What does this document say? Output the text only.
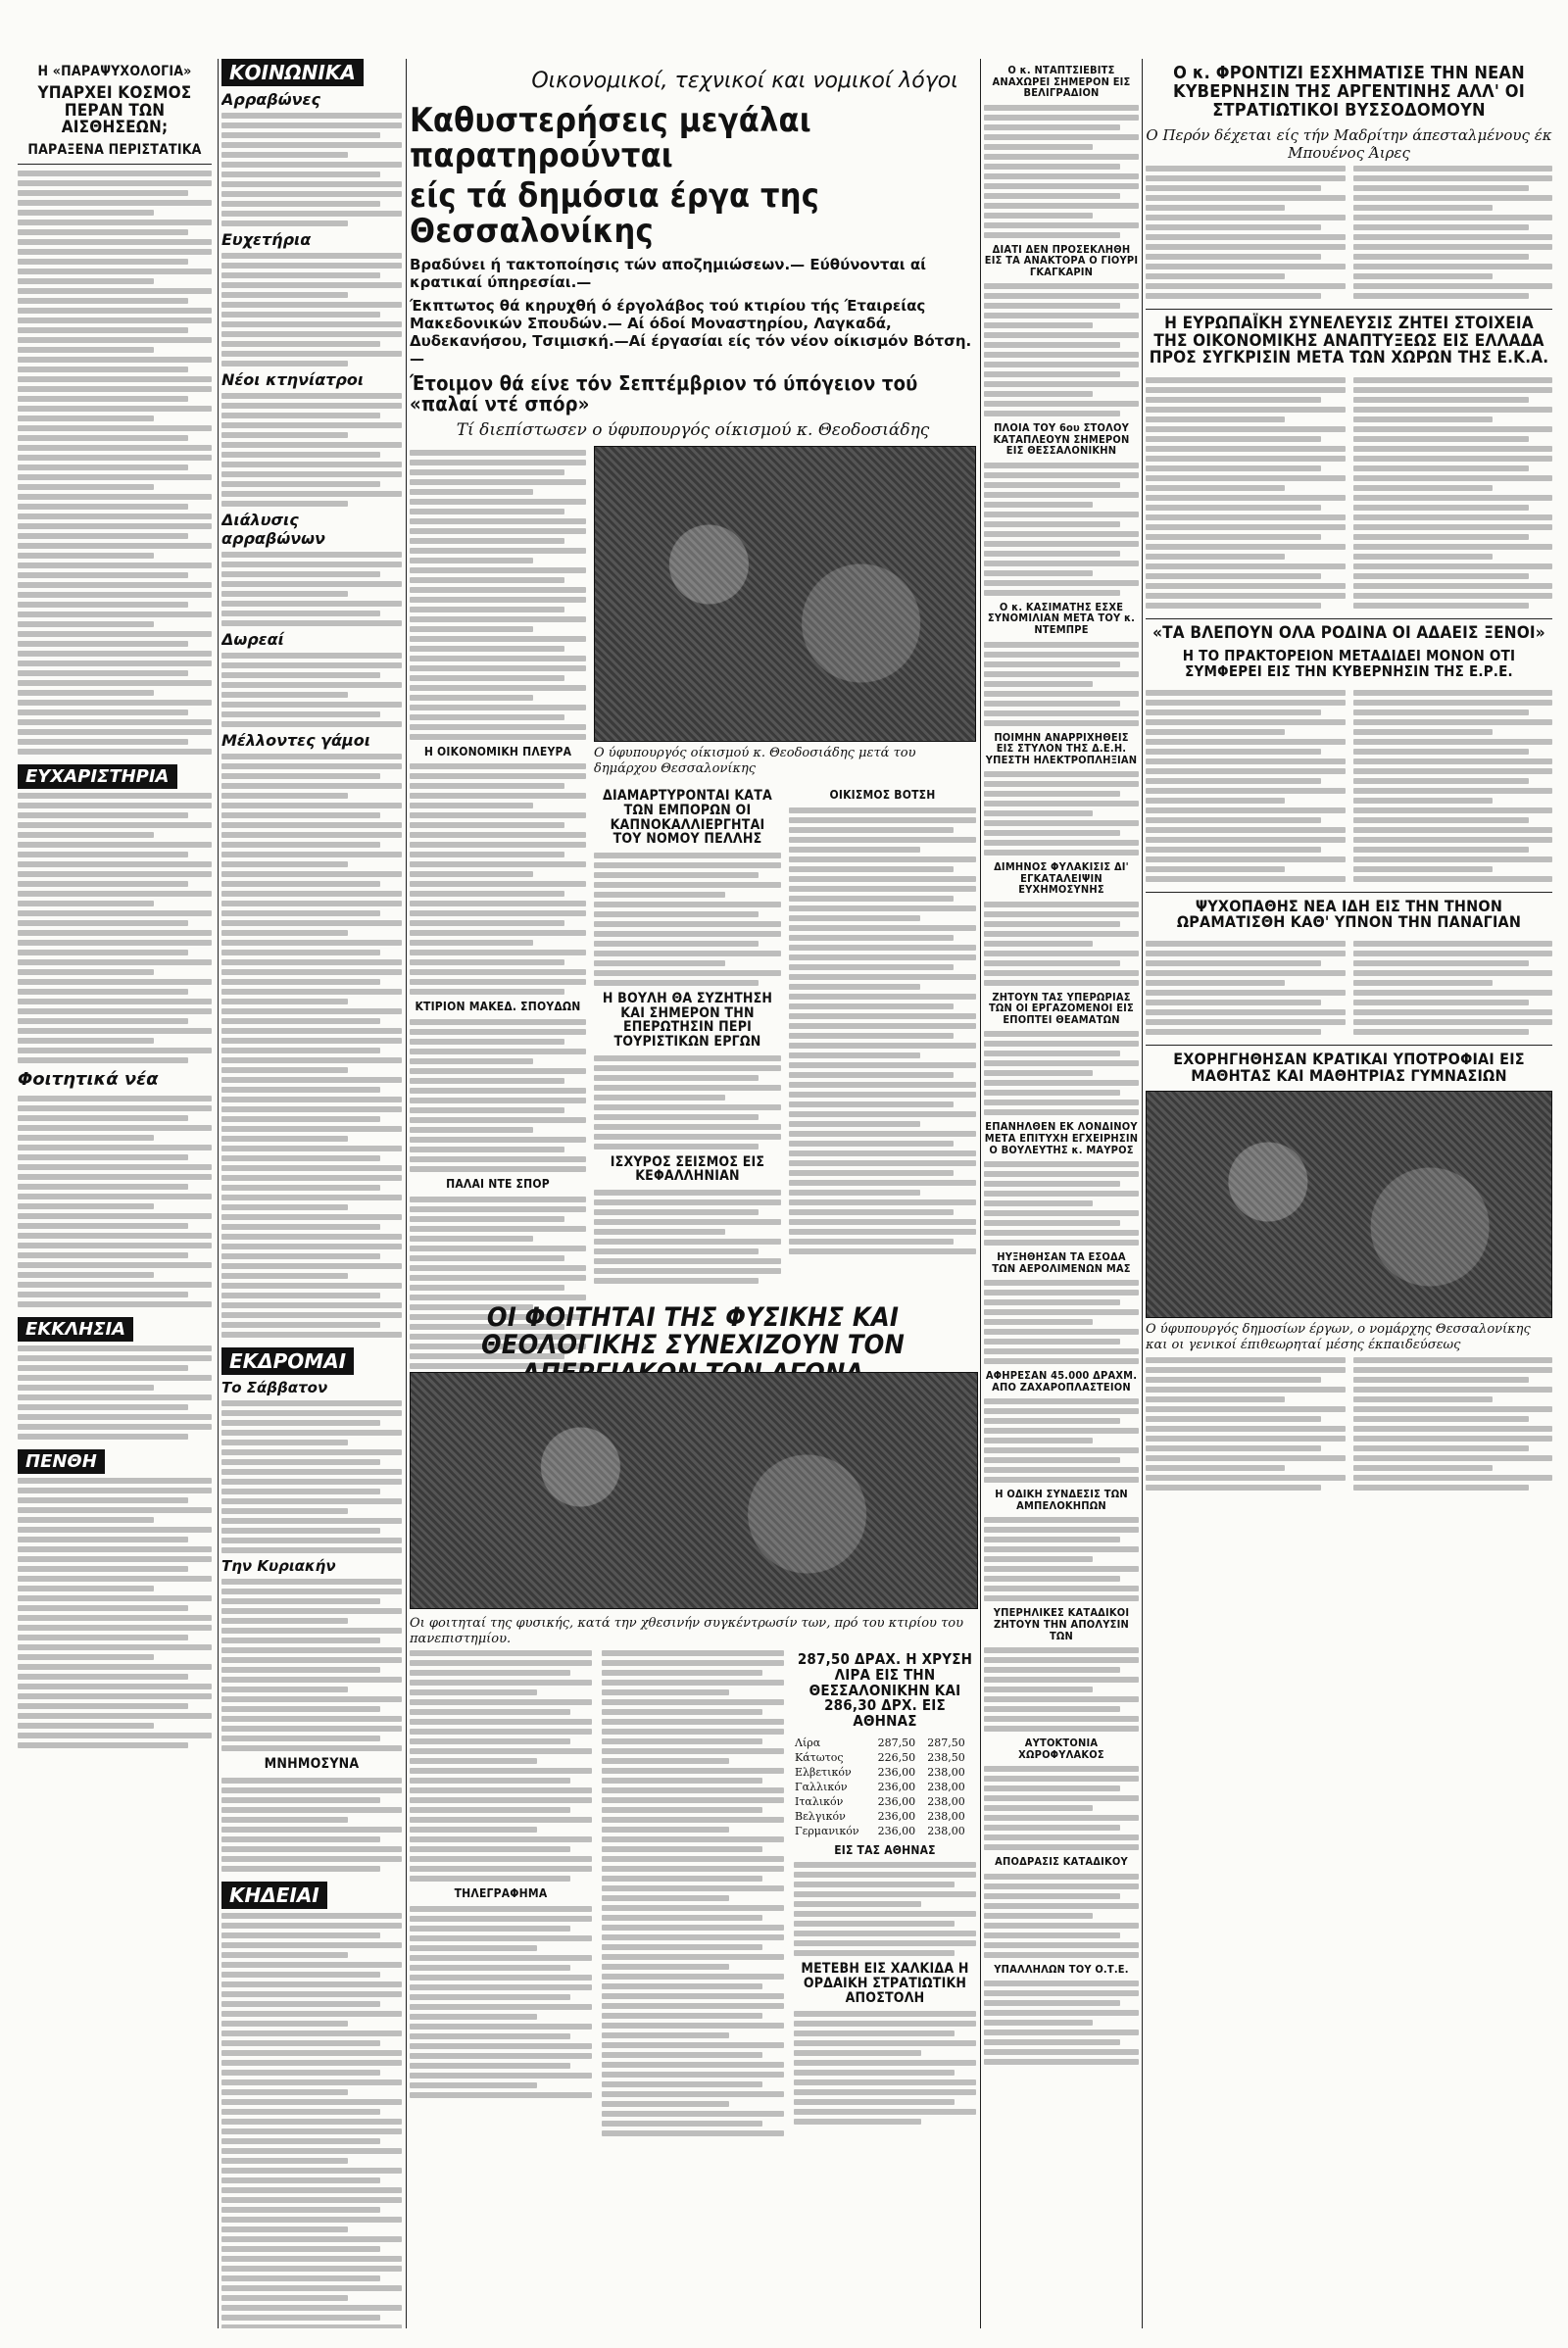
Οικονομικοί, τεχνικοί και νομικοί λόγοι
Η «ΠΑΡΑΨΥΧΟΛΟΓΙΑ»
ΥΠΑΡΧΕΙ ΚΟΣΜΟΣ ΠΕΡΑΝ ΤΩΝ ΑΙΣΘΗΣΕΩΝ;
ΠΑΡΑΞΕΝΑ ΠΕΡΙΣΤΑΤΙΚΑ
ΕΥΧΑΡΙΣΤΗΡΙΑ
Φοιτητικά νέα
ΕΚΚΛΗΣΙΑ
ΠΕΝΘΗ
ΚΟΙΝΩΝΙΚΑ
Αρραβώνες
Ευχετήρια
Νέοι κτηνίατροι
Διάλυσις αρραβώνων
Δωρεαί
Μέλλοντες γάμοι
ΕΚΔΡΟΜΑΙ
Το Σάββατον
Την Κυριακήν
ΜΝΗΜΟΣΥΝΑ
ΚΗΔΕΙΑΙ
Καθυστερήσεις μεγάλαι παρατηρούνται
είς τά δημόσια έργα της Θεσσαλονίκης
Βραδύνει ή τακτοποίησις τών αποζημιώσεων.— Εύθύνονται αί κρατικαί ύπηρεσίαι.—
Έκπτωτος θά κηρυχθή ό έργολάβος τού κτιρίου τής Έταιρείας Μακεδονικών Σπουδών.— Αί όδοί Μοναστηρίου, Λαγκαδά, Δυδεκανήσου, Τσιμισκή.—Αί έργασίαι είς τόν νέον οίκισμόν Βότση.—
Έτοιμον θά είνε τόν Σεπτέμβριον τό ύπόγειον τού «παλαί ντέ σπόρ»
Τί διεπίστωσεν ο ύφυπουργός οίκισμού κ. Θεοδοσιάδης
Η ΟΙΚΟΝΟΜΙΚΗ ΠΛΕΥΡΑ
ΚΤΙΡΙΟΝ ΜΑΚΕΔ. ΣΠΟΥΔΩΝ
ΠΑΛΑΙ ΝΤΕ ΣΠΟΡ
Ο ύφυπουργός οίκισμού κ. Θεοδοσιάδης μετά του δημάρχου Θεσσαλονίκης
ΔΙΑΜΑΡΤΥΡΟΝΤΑΙ ΚΑΤΑ ΤΩΝ ΕΜΠΟΡΩΝ ΟΙ ΚΑΠΝΟΚΑΛΛΙΕΡΓΗΤΑΙ ΤΟΥ ΝΟΜΟΥ ΠΕΛΛΗΣ
Η ΒΟΥΛΗ ΘΑ ΣΥΖΗΤΗΣΗ ΚΑΙ ΣΗΜΕΡΟΝ ΤΗΝ ΕΠΕΡΩΤΗΣΙΝ ΠΕΡΙ ΤΟΥΡΙΣΤΙΚΩΝ ΕΡΓΩΝ
ΙΣΧΥΡΟΣ ΣΕΙΣΜΟΣ ΕΙΣ ΚΕΦΑΛΛΗΝΙΑΝ
ΟΙΚΙΣΜΟΣ ΒΟΤΣΗ
ΟΙ ΦΟΙΤΗΤΑΙ ΤΗΣ ΦΥΣΙΚΗΣ ΚΑΙ ΘΕΟΛΟΓΙΚΗΣ ΣΥΝΕΧΙΖΟΥΝ ΤΟΝ
Οι φοιτηταί της φυσικής, κατά την χθεσινήν συγκέντρωσίν των, πρό του κτιρίου του πανεπιστημίου.
ΤΗΛΕΓΡΑΦΗΜΑ
287,50 ΔΡΑΧ. Η ΧΡΥΣΗ ΛΙΡΑ ΕΙΣ ΤΗΝ ΘΕΣΣΑΛΟΝΙΚΗΝ ΚΑΙ 286,30 ΔΡΧ. ΕΙΣ ΑΘΗΝΑΣ
Λίρα	287,50	287,50
Κάτωτος	226,50	238,50
Ελβετικόν	236,00	238,00
Γαλλικόν	236,00	238,00
Ιταλικόν	236,00	238,00
Βελγικόν	236,00	238,00
Γερμανικόν	236,00	238,00
ΕΙΣ ΤΑΣ ΑΘΗΝΑΣ
ΜΕΤΕΒΗ ΕΙΣ ΧΑΛΚΙΔΑ Η ΟΡΔΑΙΚΗ ΣΤΡΑΤΙΩΤΙΚΗ ΑΠΟΣΤΟΛΗ
Ο κ. ΝΤΑΠΤΣΙΕΒΙΤΣ ΑΝΑΧΩΡΕΙ ΣΗΜΕΡΟΝ ΕΙΣ ΒΕΛΙΓΡΑΔΙΟΝ
ΔΙΑΤΙ ΔΕΝ ΠΡΟΣΕΚΛΗΘΗ ΕΙΣ ΤΑ ΑΝΑΚΤΟΡΑ Ο ΓΙΟΥΡΙ ΓΚΑΓΚΑΡΙΝ
ΠΛΟΙΑ ΤΟΥ 6ου ΣΤΟΛΟΥ ΚΑΤΑΠΛΕΟΥΝ ΣΗΜΕΡΟΝ ΕΙΣ ΘΕΣΣΑΛΟΝΙΚΗΝ
Ο κ. ΚΑΣΙΜΑΤΗΣ ΕΣΧΕ ΣΥΝΟΜΙΛΙΑΝ ΜΕΤΑ ΤΟΥ κ. ΝΤΕΜΠΡΕ
ΠΟΙΜΗΝ ΑΝΑΡΡΙΧΗΘΕΙΣ ΕΙΣ ΣΤΥΛΟΝ ΤΗΣ Δ.Ε.Η. ΥΠΕΣΤΗ ΗΛΕΚΤΡΟΠΛΗΞΙΑΝ
ΔΙΜΗΝΟΣ ΦΥΛΑΚΙΣΙΣ ΔΙ' ΕΓΚΑΤΑΛΕΙΨΙΝ ΕΥΧΗΜΟΣΥΝΗΣ
ΖΗΤΟΥΝ ΤΑΣ ΥΠΕΡΩΡΙΑΣ ΤΩΝ ΟΙ ΕΡΓΑΖΟΜΕΝΟΙ ΕΙΣ ΕΠΟΠΤΕΙ ΘΕΑΜΑΤΩΝ
ΕΠΑΝΗΛΘΕΝ ΕΚ ΛΟΝΔΙΝΟΥ ΜΕΤΑ ΕΠΙΤΥΧΗ ΕΓΧΕΙΡΗΣΙΝ Ο ΒΟΥΛΕΥΤΗΣ κ. ΜΑΥΡΟΣ
ΗΥΞΗΘΗΣΑΝ ΤΑ ΕΣΟΔΑ ΤΩΝ ΑΕΡΟΛΙΜΕΝΩΝ ΜΑΣ
ΑΦΗΡΕΣΑΝ 45.000 ΔΡΑΧΜ. ΑΠΟ ΖΑΧΑΡΟΠΛΑΣΤΕΙΟΝ
Η ΟΔΙΚΗ ΣΥΝΔΕΣΙΣ ΤΩΝ ΑΜΠΕΛΟΚΗΠΩΝ
ΥΠΕΡΗΛΙΚΕΣ ΚΑΤΑΔΙΚΟΙ ΖΗΤΟΥΝ ΤΗΝ ΑΠΟΛΥΣΙΝ ΤΩΝ
ΑΥΤΟΚΤΟΝΙΑ ΧΩΡΟΦΥΛΑΚΟΣ
ΑΠΟΔΡΑΣΙΣ ΚΑΤΑΔΙΚΟΥ
ΥΠΑΛΛΗΛΩΝ ΤΟΥ Ο.Τ.Ε.
Ο κ. ΦΡΟΝΤΙΖΙ ΕΣΧΗΜΑΤΙΣΕ ΤΗΝ ΝΕΑΝ ΚΥΒΕΡΝΗΣΙΝ ΤΗΣ ΑΡΓΕΝΤΙΝΗΣ ΑΛΛ' ΟΙ ΣΤΡΑΤΙΩΤΙΚΟΙ ΒΥΣΣΟΔΟΜΟΥΝ
Ο Περόν δέχεται είς τήν Μαδρίτην άπεσταλμένους έκ Μπουένος Άιρες
Η ΕΥΡΩΠΑΪΚΗ ΣΥΝΕΛΕΥΣΙΣ ΖΗΤΕΙ ΣΤΟΙΧΕΙΑ ΤΗΣ ΟΙΚΟΝΟΜΙΚΗΣ ΑΝΑΠΤΥΞΕΩΣ ΕΙΣ ΕΛΛΑΔΑ ΠΡΟΣ ΣΥΓΚΡΙΣΙΝ ΜΕΤΑ ΤΩΝ ΧΩΡΩΝ ΤΗΣ Ε.Κ.Α.
«ΤΑ ΒΛΕΠΟΥΝ ΟΛΑ ΡΟΔΙΝΑ ΟΙ ΑΔΑΕΙΣ ΞΕΝΟΙ»
Η ΤΟ ΠΡΑΚΤΟΡΕΙΟΝ ΜΕΤΑΔΙΔΕΙ ΜΟΝΟΝ ΟΤΙ ΣΥΜΦΕΡΕΙ ΕΙΣ ΤΗΝ ΚΥΒΕΡΝΗΣΙΝ ΤΗΣ Ε.Ρ.Ε.
ΨΥΧΟΠΑΘΗΣ ΝΕΑ ΙΔΗ ΕΙΣ ΤΗΝ ΤΗΝΟΝ ΩΡΑΜΑΤΙΣΘΗ ΚΑΘ' ΥΠΝΟΝ ΤΗΝ ΠΑΝΑΓΙΑΝ
ΕΧΟΡΗΓΗΘΗΣΑΝ ΚΡΑΤΙΚΑΙ ΥΠΟΤΡΟΦΙΑΙ ΕΙΣ ΜΑΘΗΤΑΣ ΚΑΙ ΜΑΘΗΤΡΙΑΣ ΓΥΜΝΑΣΙΩΝ
Ο ύφυπουργός δημοσίων έργων, ο νομάρχης Θεσσαλονίκης και οι γενικοί έπιθεωρηταί μέσης έκπαιδεύσεως
